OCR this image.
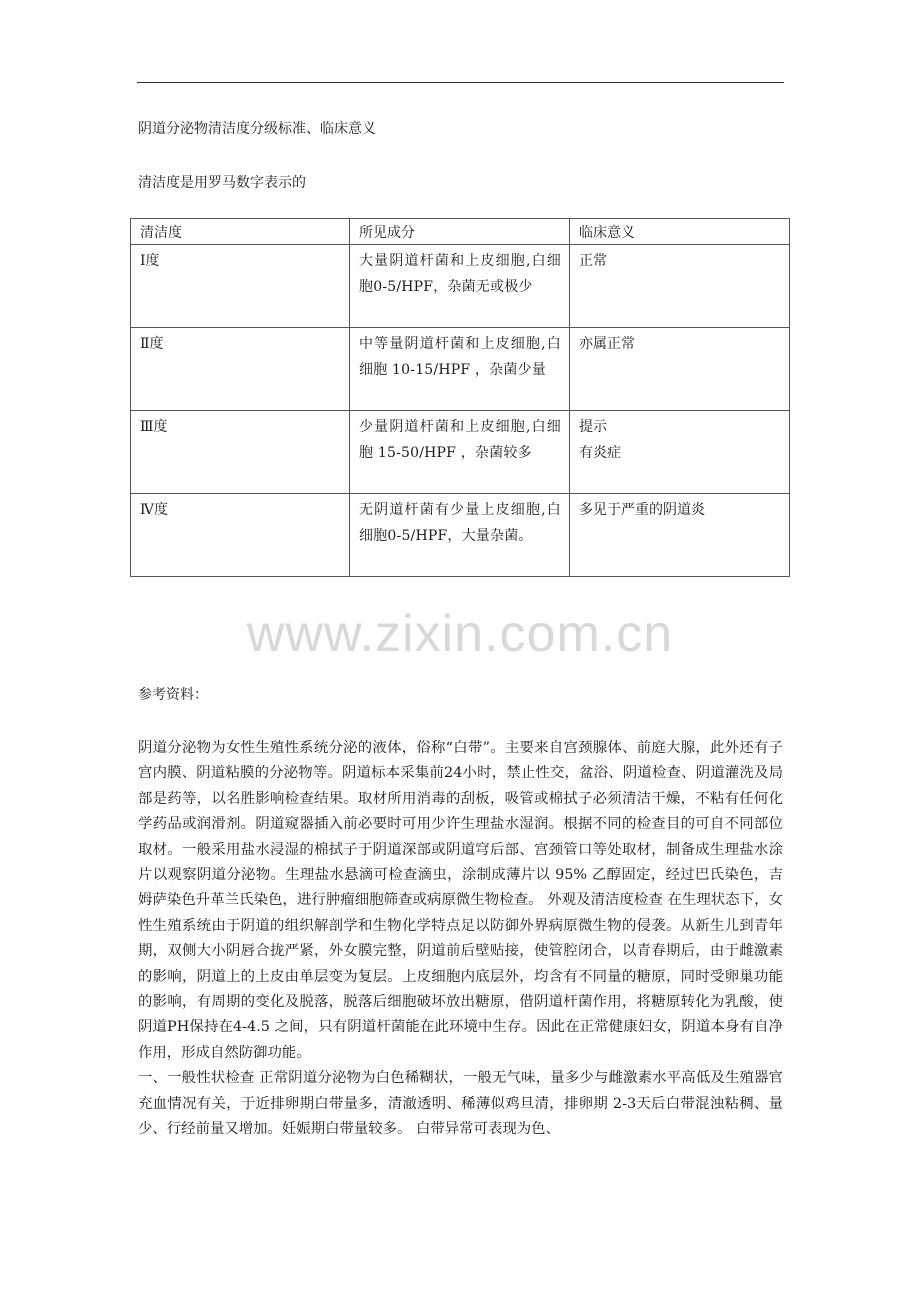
阴道分泌物清洁度分级标准、临床意义
清洁度是用罗马数字表示的
清洁度	所见成分	临床意义
Ⅰ度	大量阴道杆菌和上皮细胞,白细胞0-5/HPF，杂菌无或极少	正常

Ⅱ度	中等量阴道杆菌和上皮细胞,白细胞 10-15/HPF ，杂菌少量	亦属正常

Ⅲ度	少量阴道杆菌和上皮细胞,白细胞 15-50/HPF ，杂菌较多	提示
有炎症

Ⅳ度	无阴道杆菌有少量上皮细胞,白细胞0-5/HPF，大量杂菌。	多见于严重的阴道炎
www.zixin.com.cn
参考资料：

阴道分泌物为女性生殖性系统分泌的液体，俗称“白带”。主要来自宫颈腺体、前庭大腺，此外还有子宫内膜、阴道粘膜的分泌物等。阴道标本采集前24小时，禁止性交，盆浴、阴道检查、阴道灌洗及局部是药等，以名胜影响检查结果。取材所用消毒的刮板，吸管或棉拭子必须清洁干燥，不粘有任何化学药品或润滑剂。阴道窥器插入前必要时可用少许生理盐水湿润。根据不同的检查目的可自不同部位取材。一般采用盐水浸湿的棉拭子于阴道深部或阴道穹后部、宫颈管口等处取材，制备成生理盐水涂片以观察阴道分泌物。生理盐水悬滴可检查滴虫，涂制成薄片以 95% 乙醇固定，经过巴氏染色，吉姆萨染色升革兰氏染色，进行肿瘤细胞筛查或病原微生物检查。 外观及清洁度检查 在生理状态下，女性生殖系统由于阴道的组织解剖学和生物化学特点足以防御外界病原微生物的侵袭。从新生儿到青年期，双侧大小阴唇合拢严紧，外女膜完整，阴道前后壁贴接，使管腔闭合，以青春期后，由于雌激素的影响，阴道上的上皮由单层变为复层。上皮细胞内底层外，均含有不同量的糖原，同时受卵巢功能的影响，有周期的变化及脱落，脱落后细胞破坏放出糖原，借阴道杆菌作用，将糖原转化为乳酸，使阴道PH保持在4-4.5 之间，只有阴道杆菌能在此环境中生存。因此在正常健康妇女，阴道本身有自净作用，形成自然防御功能。

一、一般性状检查 正常阴道分泌物为白色稀糊状，一般无气味，量多少与雌激素水平高低及生殖器官充血情况有关，于近排卵期白带量多，清澈透明、稀薄似鸡旦清，排卵期 2-3天后白带混浊粘稠、量少、行经前量又增加。妊娠期白带量较多。 白带异常可表现为色、
